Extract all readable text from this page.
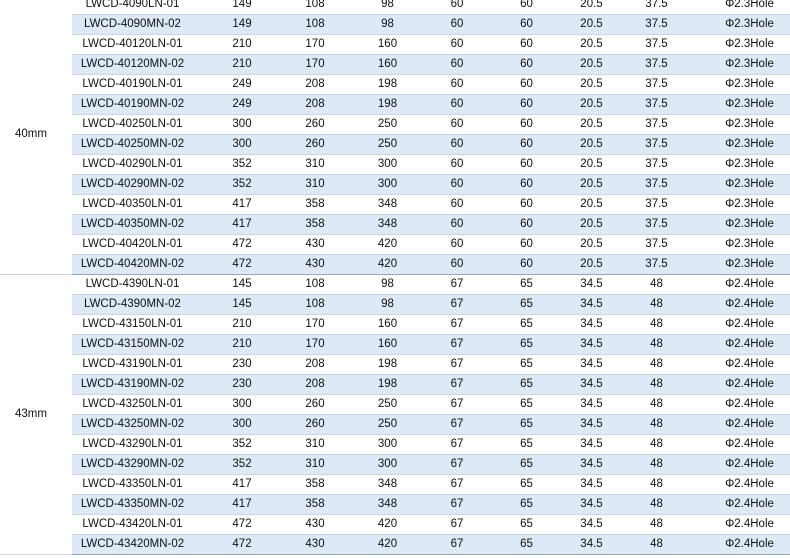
40mm	LWCD-4090LN-01	149	108	98	60	60	20.5	37.5	Φ2.3Hole
	LWCD-4090MN-02	149	108	98	60	60	20.5	37.5	Φ2.3Hole
	LWCD-40120LN-01	210	170	160	60	60	20.5	37.5	Φ2.3Hole
	LWCD-40120MN-02	210	170	160	60	60	20.5	37.5	Φ2.3Hole
	LWCD-40190LN-01	249	208	198	60	60	20.5	37.5	Φ2.3Hole
	LWCD-40190MN-02	249	208	198	60	60	20.5	37.5	Φ2.3Hole
	LWCD-40250LN-01	300	260	250	60	60	20.5	37.5	Φ2.3Hole
	LWCD-40250MN-02	300	260	250	60	60	20.5	37.5	Φ2.3Hole
	LWCD-40290LN-01	352	310	300	60	60	20.5	37.5	Φ2.3Hole
	LWCD-40290MN-02	352	310	300	60	60	20.5	37.5	Φ2.3Hole
	LWCD-40350LN-01	417	358	348	60	60	20.5	37.5	Φ2.3Hole
	LWCD-40350MN-02	417	358	348	60	60	20.5	37.5	Φ2.3Hole
	LWCD-40420LN-01	472	430	420	60	60	20.5	37.5	Φ2.3Hole
	LWCD-40420MN-02	472	430	420	60	60	20.5	37.5	Φ2.3Hole
43mm	LWCD-4390LN-01	145	108	98	67	65	34.5	48	Φ2.4Hole
	LWCD-4390MN-02	145	108	98	67	65	34.5	48	Φ2.4Hole
	LWCD-43150LN-01	210	170	160	67	65	34.5	48	Φ2.4Hole
	LWCD-43150MN-02	210	170	160	67	65	34.5	48	Φ2.4Hole
	LWCD-43190LN-01	230	208	198	67	65	34.5	48	Φ2.4Hole
	LWCD-43190MN-02	230	208	198	67	65	34.5	48	Φ2.4Hole
	LWCD-43250LN-01	300	260	250	67	65	34.5	48	Φ2.4Hole
	LWCD-43250MN-02	300	260	250	67	65	34.5	48	Φ2.4Hole
	LWCD-43290LN-01	352	310	300	67	65	34.5	48	Φ2.4Hole
	LWCD-43290MN-02	352	310	300	67	65	34.5	48	Φ2.4Hole
	LWCD-43350LN-01	417	358	348	67	65	34.5	48	Φ2.4Hole
	LWCD-43350MN-02	417	358	348	67	65	34.5	48	Φ2.4Hole
	LWCD-43420LN-01	472	430	420	67	65	34.5	48	Φ2.4Hole
	LWCD-43420MN-02	472	430	420	67	65	34.5	48	Φ2.4Hole
